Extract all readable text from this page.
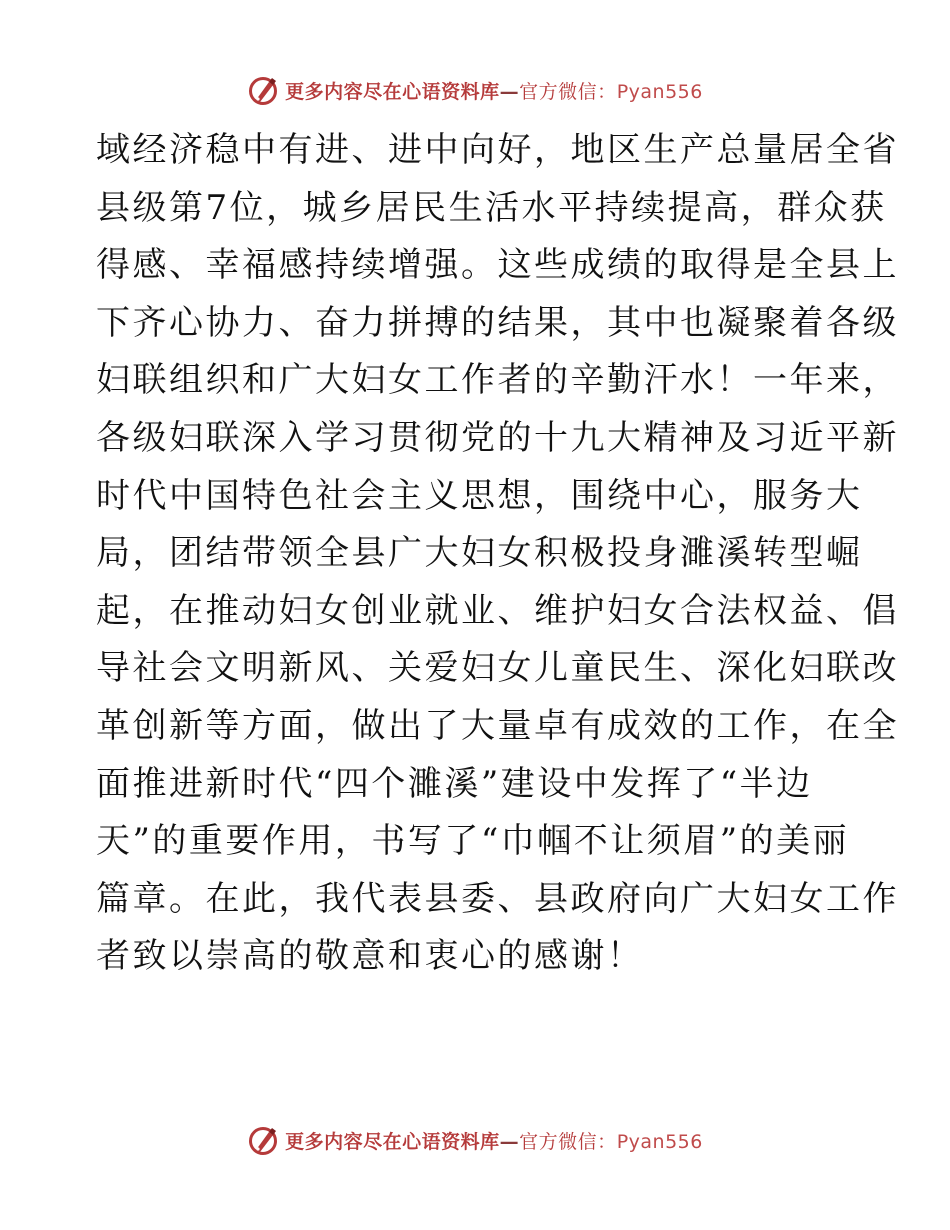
更多内容尽在心语资料库—官方微信：Pyan556
域经济稳中有进、进中向好，地区生产总量居全省
县级第7位，城乡居民生活水平持续提高，群众获
得感、幸福感持续增强。这些成绩的取得是全县上
下齐心协力、奋力拼搏的结果，其中也凝聚着各级
妇联组织和广大妇女工作者的辛勤汗水！一年来，
各级妇联深入学习贯彻党的十九大精神及习近平新
时代中国特色社会主义思想，围绕中心，服务大
局，团结带领全县广大妇女积极投身濉溪转型崛
起，在推动妇女创业就业、维护妇女合法权益、倡
导社会文明新风、关爱妇女儿童民生、深化妇联改
革创新等方面，做出了大量卓有成效的工作，在全
面推进新时代“四个濉溪”建设中发挥了“半边
天”的重要作用，书写了“巾帼不让须眉”的美丽
篇章。在此，我代表县委、县政府向广大妇女工作
者致以崇高的敬意和衷心的感谢！
更多内容尽在心语资料库—官方微信：Pyan556
